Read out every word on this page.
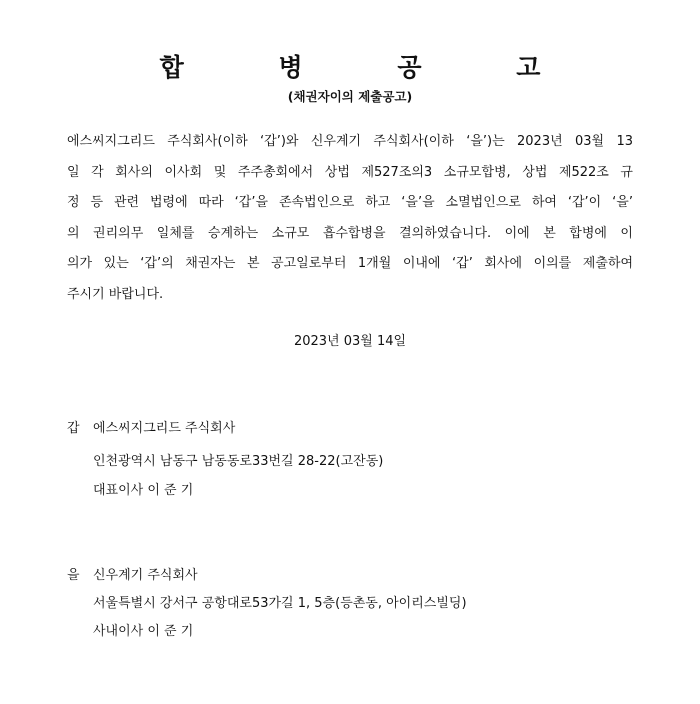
합 병 공 고
(채권자이의 제출공고)

에스씨지그리드 주식회사(이하 ‘갑’)와 신우계기 주식회사(이하 ‘을’)는 2023년 03월 13
일 각 회사의 이사회 및 주주총회에서 상법 제527조의3 소규모합병, 상법 제522조 규
정 등 관련 법령에 따라 ‘갑’을 존속법인으로 하고 ‘을’을 소멸법인으로 하여 ‘갑’이 ‘을’
의 권리의무 일체를 승계하는 소규모 흡수합병을 결의하였습니다. 이에 본 합병에 이
의가 있는 ‘갑’의 채권자는 본 공고일로부터 1개월 이내에 ‘갑’ 회사에 이의를 제출하여
주시기 바랍니다.

2023년 03월 14일
갑 에스씨지그리드 주식회사
인천광역시 남동구 남동동로33번길 28-22(고잔동)
대표이사 이 준 기
을 신우계기 주식회사
서울특별시 강서구 공항대로53가길 1, 5층(등촌동, 아이리스빌딩)
사내이사 이 준 기
